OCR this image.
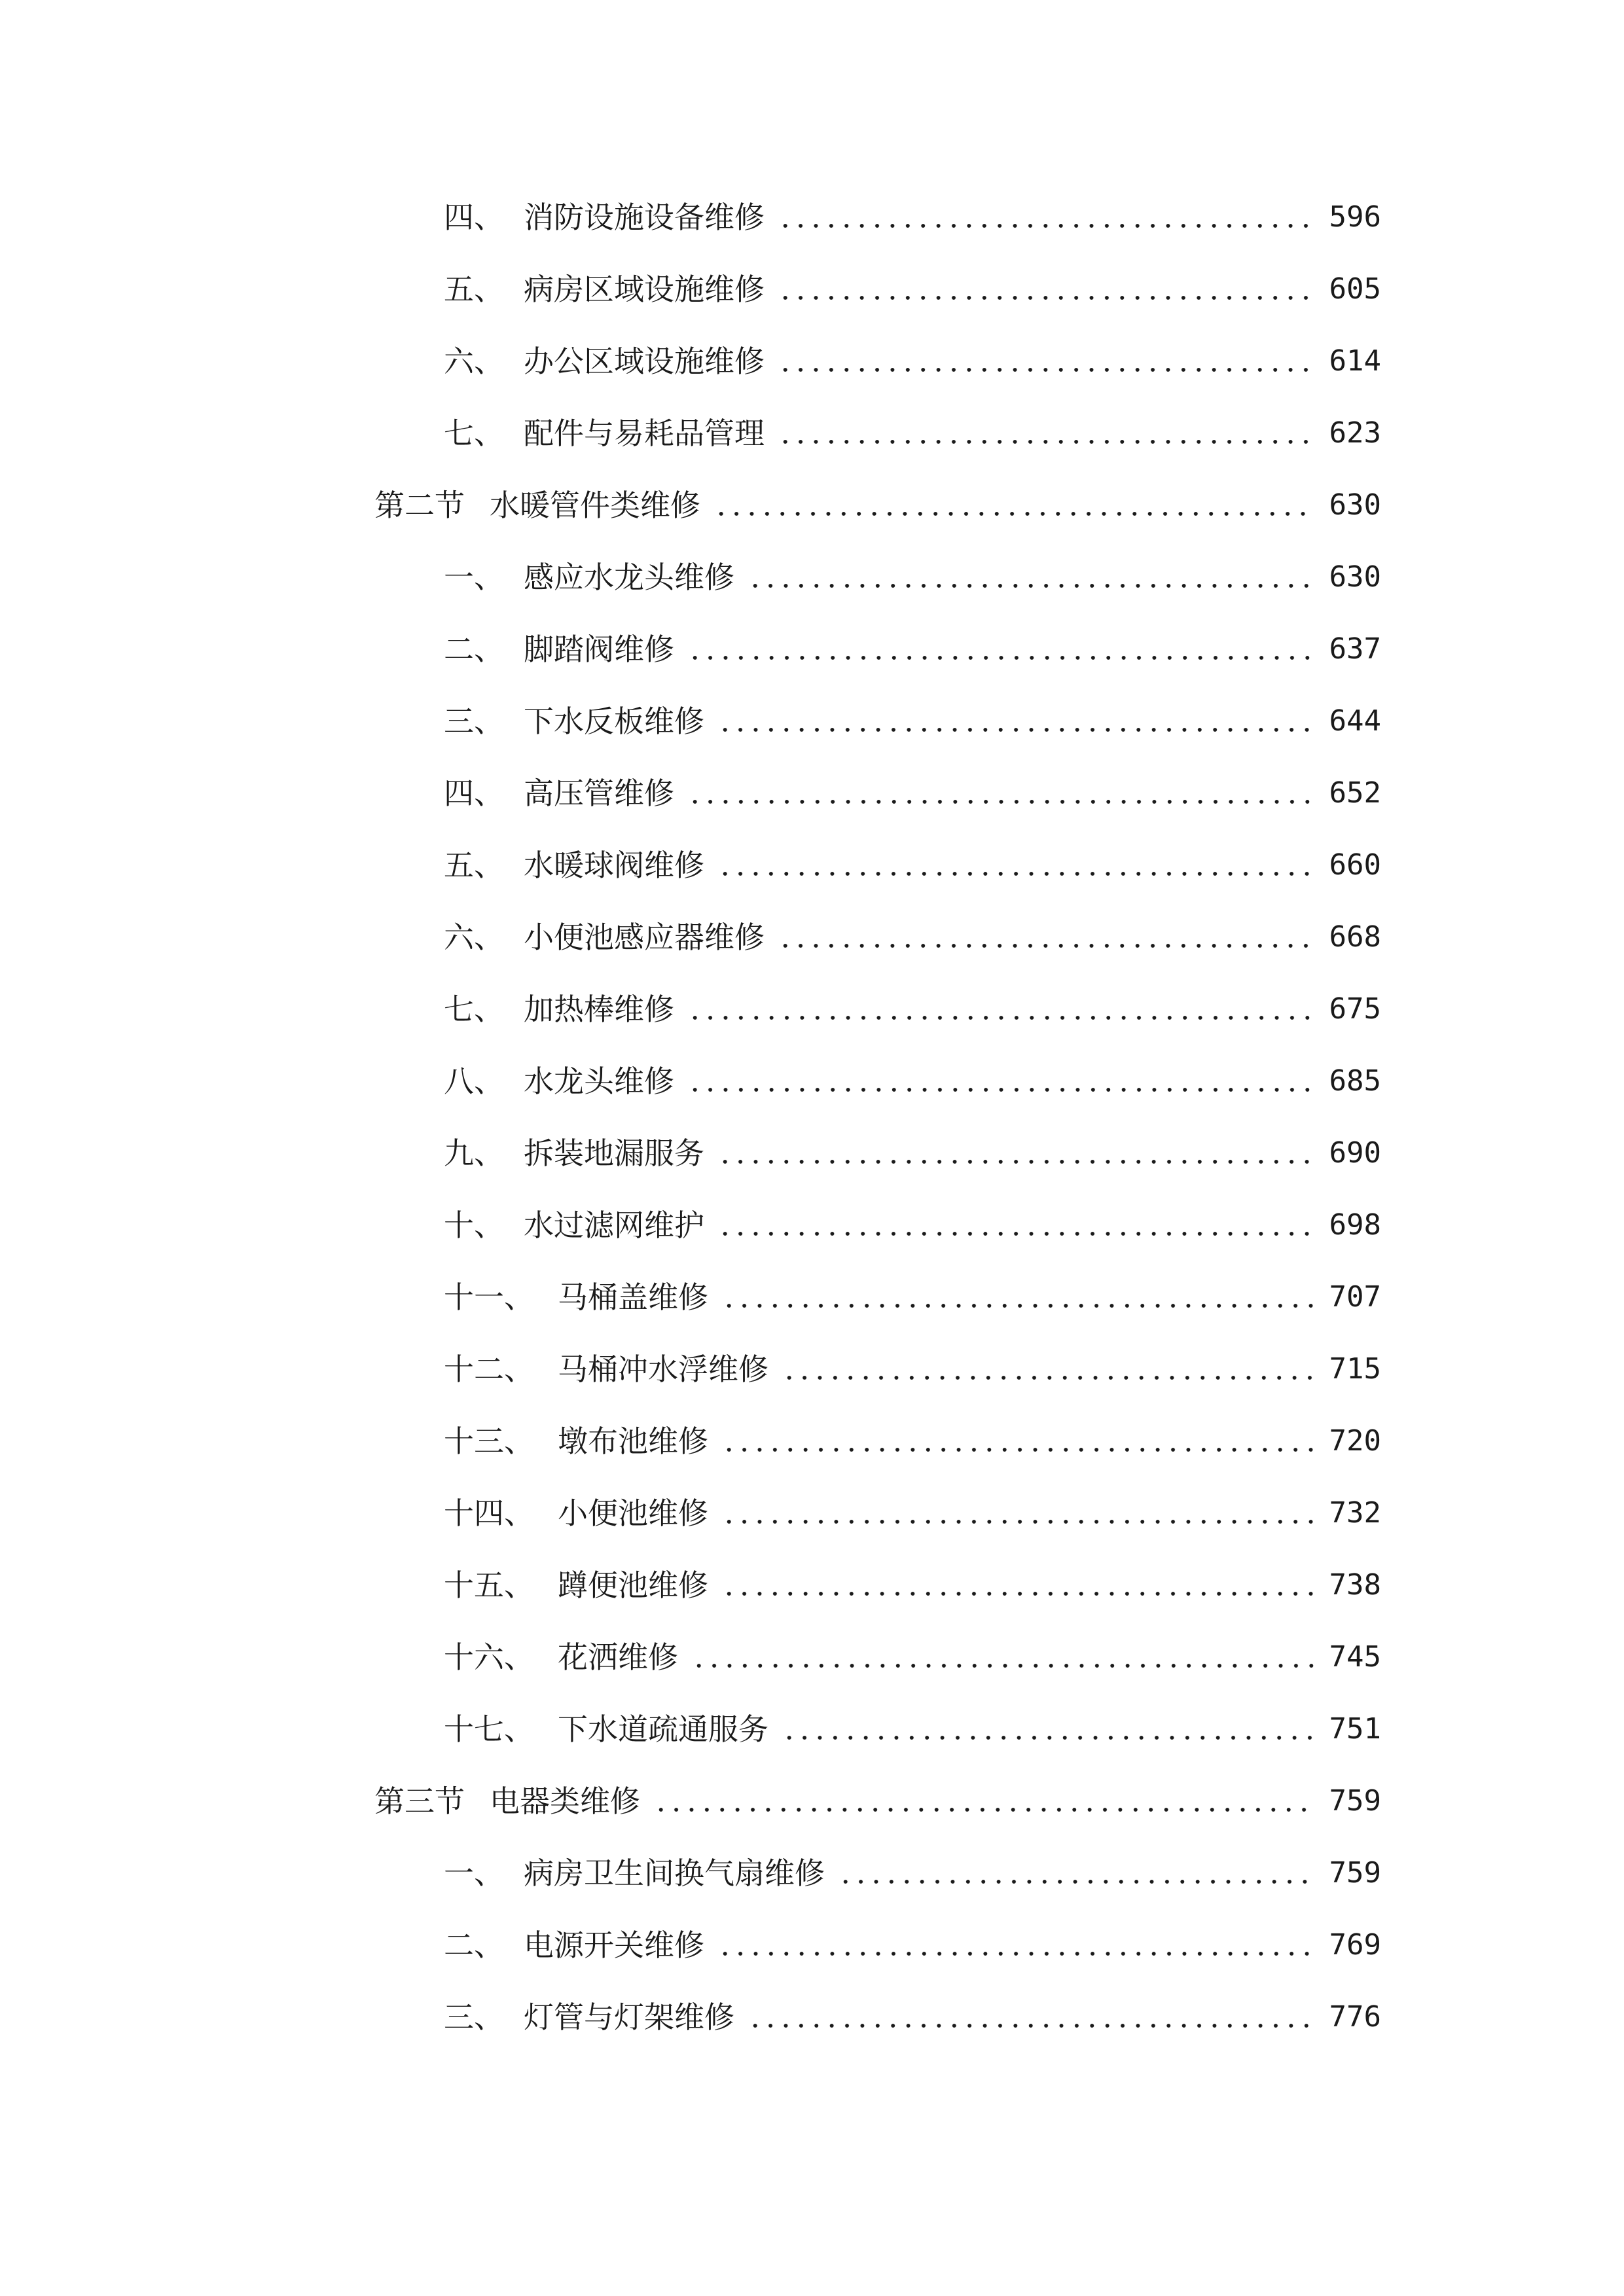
四、 消防设施设备维修	596
五、 病房区域设施维修	605
六、 办公区域设施维修	614
七、 配件与易耗品管理	623
第二节 水暖管件类维修	630
一、 感应水龙头维修	630
二、 脚踏阀维修	637
三、 下水反板维修	644
四、 高压管维修	652
五、 水暖球阀维修	660
六、 小便池感应器维修	668
七、 加热棒维修	675
八、 水龙头维修	685
九、 拆装地漏服务	690
十、 水过滤网维护	698
十一、 马桶盖维修	707
十二、 马桶冲水浮维修	715
十三、 墩布池维修	720
十四、 小便池维修	732
十五、 蹲便池维修	738
十六、 花洒维修	745
十七、 下水道疏通服务	751
第三节 电器类维修	759
一、 病房卫生间换气扇维修	759
二、 电源开关维修	769
三、 灯管与灯架维修	776
